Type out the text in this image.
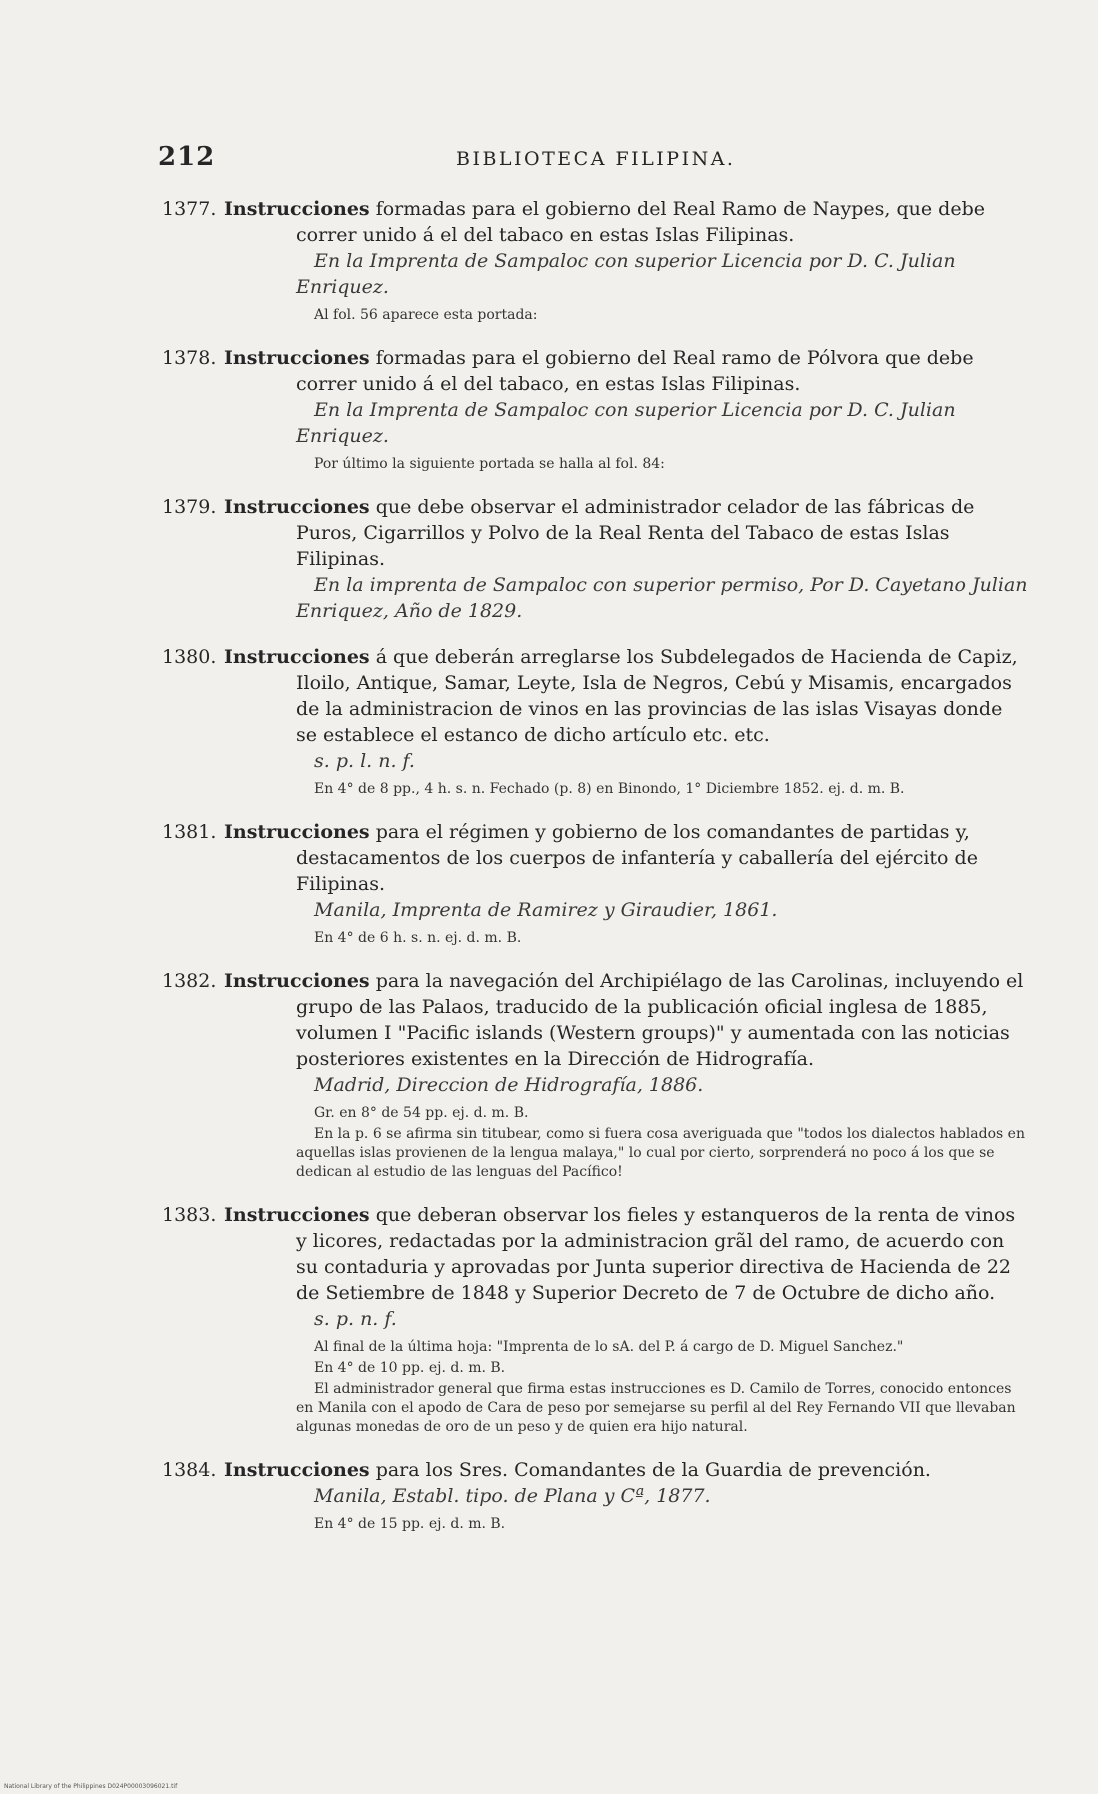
212	BIBLIOTECA FILIPINA.
1377. Instrucciones formadas para el gobierno del Real Ramo de Naypes, que debe correr unido á el del tabaco en estas Islas Filipinas.
En la Imprenta de Sampaloc con superior Licencia por D. C. Julian Enriquez.
Al fol. 56 aparece esta portada:
1378. Instrucciones formadas para el gobierno del Real ramo de Pólvora que debe correr unido á el del tabaco, en estas Islas Filipinas.
En la Imprenta de Sampaloc con superior Licencia por D. C. Julian Enriquez.
Por último la siguiente portada se halla al fol. 84:
1379. Instrucciones que debe observar el administrador celador de las fábricas de Puros, Cigarrillos y Polvo de la Real Renta del Tabaco de estas Islas Filipinas.
En la imprenta de Sampaloc con superior permiso, Por D. Cayetano Julian Enriquez, Año de 1829.
1380. Instrucciones á que deberán arreglarse los Subdelegados de Hacienda de Capiz, Iloilo, Antique, Samar, Leyte, Isla de Negros, Cebú y Misamis, encargados de la administracion de vinos en las provincias de las islas Visayas donde se establece el estanco de dicho artículo etc. etc.
s. p. l. n. f.
En 4° de 8 pp., 4 h. s. n. Fechado (p. 8) en Binondo, 1° Diciembre 1852. ej. d. m. B.
1381. Instrucciones para el régimen y gobierno de los comandantes de partidas y, destacamentos de los cuerpos de infantería y caballería del ejército de Filipinas.
Manila, Imprenta de Ramirez y Giraudier, 1861.
En 4° de 6 h. s. n. ej. d. m. B.
1382. Instrucciones para la navegación del Archipiélago de las Carolinas, incluyendo el grupo de las Palaos, traducido de la publicación oficial inglesa de 1885, volumen I "Pacific islands (Western groups)" y aumentada con las noticias posteriores existentes en la Dirección de Hidrografía.
Madrid, Direccion de Hidrografía, 1886.
Gr. en 8° de 54 pp. ej. d. m. B.
En la p. 6 se afirma sin titubear, como si fuera cosa averiguada que "todos los dialectos hablados en aquellas islas provienen de la lengua malaya," lo cual por cierto, sorprenderá no poco á los que se dedican al estudio de las lenguas del Pacífico!
1383. Instrucciones que deberan observar los fieles y estanqueros de la renta de vinos y licores, redactadas por la administracion grãl del ramo, de acuerdo con su contaduria y aprovadas por Junta superior directiva de Hacienda de 22 de Setiembre de 1848 y Superior Decreto de 7 de Octubre de dicho año.
s. p. n. f.
Al final de la última hoja: "Imprenta de lo sA. del P. á cargo de D. Miguel Sanchez."
En 4° de 10 pp. ej. d. m. B.
El administrador general que firma estas instrucciones es D. Camilo de Torres, conocido entonces en Manila con el apodo de Cara de peso por semejarse su perfil al del Rey Fernando VII que llevaban algunas monedas de oro de un peso y de quien era hijo natural.
1384. Instrucciones para los Sres. Comandantes de la Guardia de prevención.
Manila, Establ. tipo. de Plana y Cª, 1877.
En 4° de 15 pp. ej. d. m. B.
National Library of the Philippines D024P00003096021.tif
